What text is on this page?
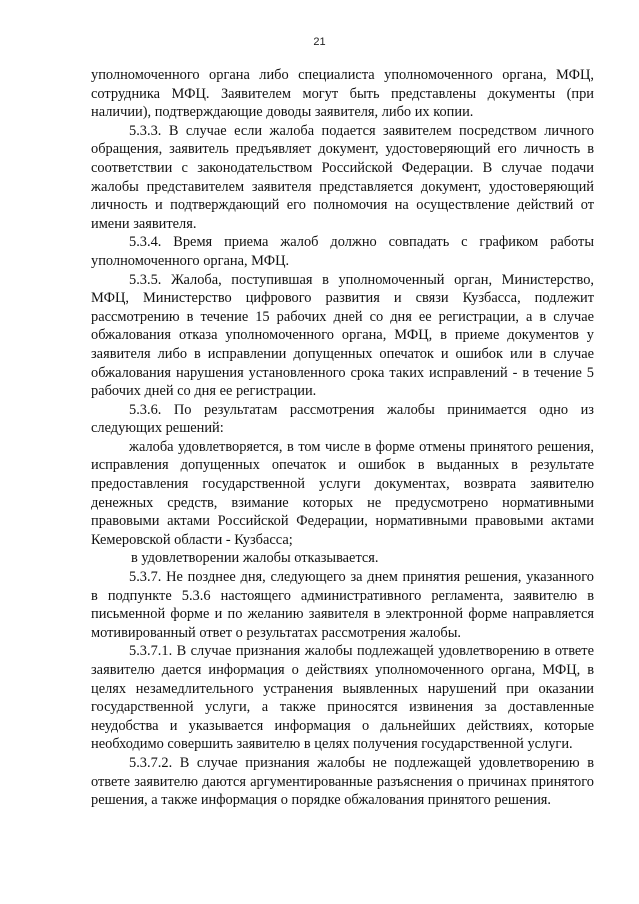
21

уполномоченного органа либо специалиста уполномоченного органа, МФЦ, сотрудника МФЦ. Заявителем могут быть представлены документы (при наличии), подтверждающие доводы заявителя, либо их копии.

5.3.3. В случае если жалоба подается заявителем посредством личного обращения, заявитель предъявляет документ, удостоверяющий его личность в соответствии с законодательством Российской Федерации. В случае подачи жалобы представителем заявителя представляется документ, удостоверяющий личность и подтверждающий его полномочия на осуществление действий от имени заявителя.

5.3.4. Время приема жалоб должно совпадать с графиком работы уполномоченного органа, МФЦ.

5.3.5. Жалоба, поступившая в уполномоченный орган, Министерство, МФЦ, Министерство цифрового развития и связи Кузбасса, подлежит рассмотрению в течение 15 рабочих дней со дня ее регистрации, а в случае обжалования отказа уполномоченного органа, МФЦ, в приеме документов у заявителя либо в исправлении допущенных опечаток и ошибок или в случае обжалования нарушения установленного срока таких исправлений - в течение 5 рабочих дней со дня ее регистрации.

5.3.6. По результатам рассмотрения жалобы принимается одно из следующих решений:

жалоба удовлетворяется, в том числе в форме отмены принятого решения, исправления допущенных опечаток и ошибок в выданных в результате предоставления государственной услуги документах, возврата заявителю денежных средств, взимание которых не предусмотрено нормативными правовыми актами Российской Федерации, нормативными правовыми актами Кемеровской области - Кузбасса;

в удовлетворении жалобы отказывается.

5.3.7. Не позднее дня, следующего за днем принятия решения, указанного в подпункте 5.3.6 настоящего административного регламента, заявителю в письменной форме и по желанию заявителя в электронной форме направляется мотивированный ответ о результатах рассмотрения жалобы.

5.3.7.1. В случае признания жалобы подлежащей удовлетворению в ответе заявителю дается информация о действиях уполномоченного органа, МФЦ, в целях незамедлительного устранения выявленных нарушений при оказании государственной услуги, а также приносятся извинения за доставленные неудобства и указывается информация о дальнейших действиях, которые необходимо совершить заявителю в целях получения государственной услуги.

5.3.7.2. В случае признания жалобы не подлежащей удовлетворению в ответе заявителю даются аргументированные разъяснения о причинах принятого решения, а также информация о порядке обжалования принятого решения.
